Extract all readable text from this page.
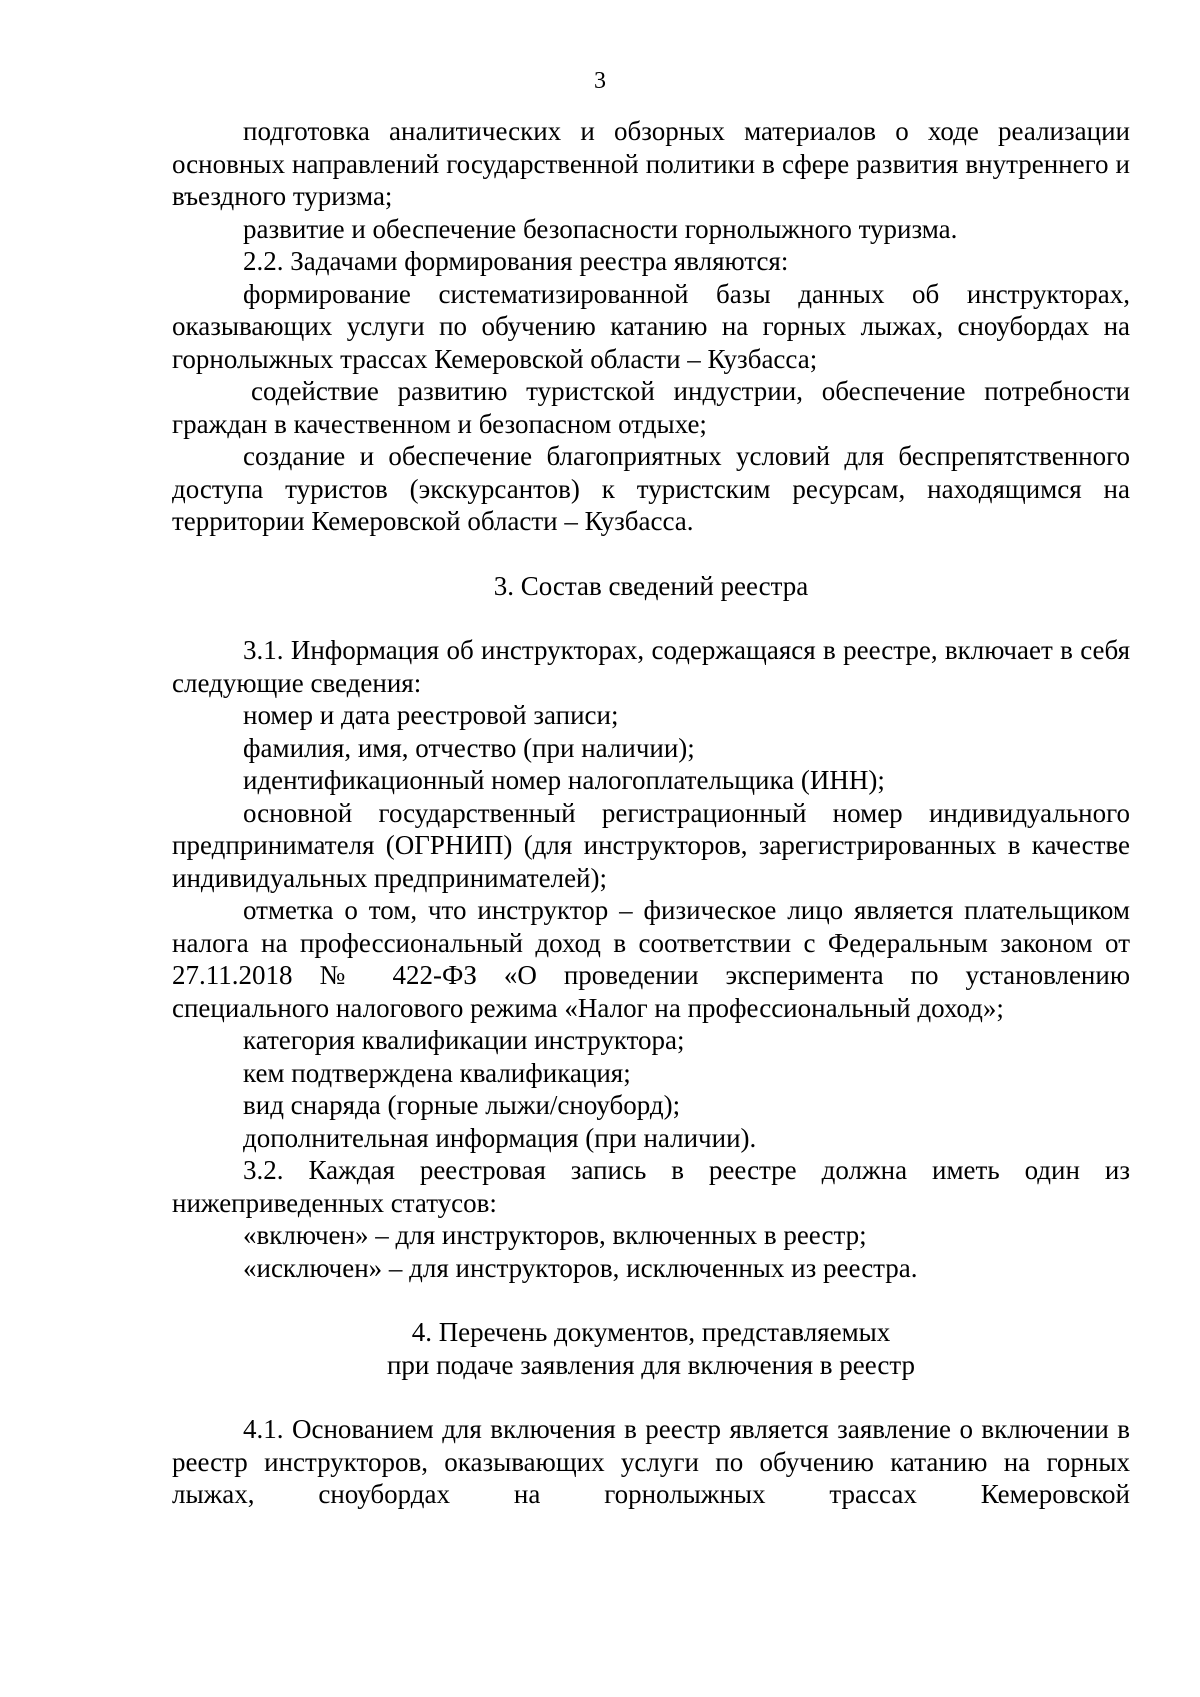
3

подготовка аналитических и обзорных материалов о ходе реализации основных направлений государственной политики в сфере развития внутреннего и въездного туризма;

развитие и обеспечение безопасности горнолыжного туризма.

2.2. Задачами формирования реестра являются:

формирование систематизированной базы данных об инструкторах, оказывающих услуги по обучению катанию на горных лыжах, сноубордах на горнолыжных трассах Кемеровской области – Кузбасса;

содействие развитию туристской индустрии, обеспечение потребности граждан в качественном и безопасном отдыхе;

создание и обеспечение благоприятных условий для беспрепятственного доступа туристов (экскурсантов) к туристским ресурсам, находящимся на территории Кемеровской области – Кузбасса.

3. Состав сведений реестра

3.1. Информация об инструкторах, содержащаяся в реестре, включает в себя следующие сведения:

номер и дата реестровой записи;

фамилия, имя, отчество (при наличии);

идентификационный номер налогоплательщика (ИНН);

основной государственный регистрационный номер индивидуального предпринимателя (ОГРНИП) (для инструкторов, зарегистрированных в качестве индивидуальных предпринимателей);

отметка о том, что инструктор – физическое лицо является плательщиком налога на профессиональный доход в соответствии с Федеральным законом от 27.11.2018 № 422-ФЗ «О проведении эксперимента по установлению специального налогового режима «Налог на профессиональный доход»;

категория квалификации инструктора;

кем подтверждена квалификация;

вид снаряда (горные лыжи/сноуборд);

дополнительная информация (при наличии).

3.2. Каждая реестровая запись в реестре должна иметь один из нижеприведенных статусов:

«включен» – для инструкторов, включенных в реестр;

«исключен» – для инструкторов, исключенных из реестра.

4. Перечень документов, представляемых

при подаче заявления для включения в реестр

4.1. Основанием для включения в реестр является заявление о включении в реестр инструкторов, оказывающих услуги по обучению катанию на горных лыжах, сноубордах на горнолыжных трассах Кемеровской
